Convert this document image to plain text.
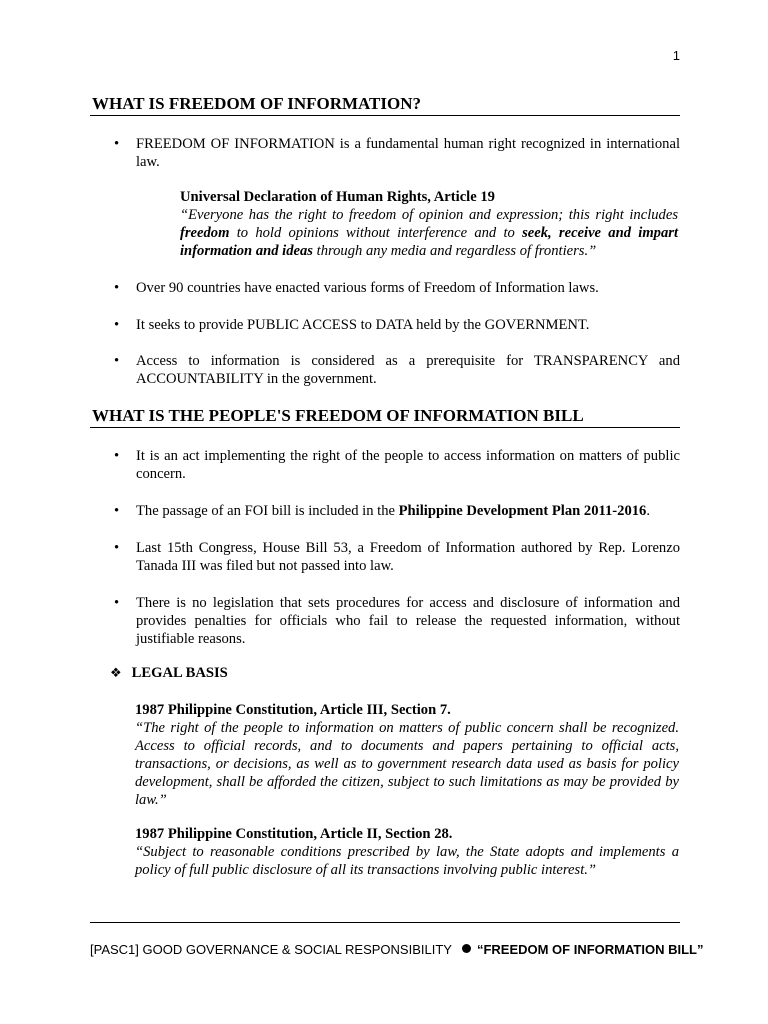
1
WHAT IS FREEDOM OF INFORMATION?
•	FREEDOM OF INFORMATION is a fundamental human right recognized in international law.
Universal Declaration of Human Rights, Article 19
“Everyone has the right to freedom of opinion and expression; this right includes freedom to hold opinions without interference and to seek, receive and impart information and ideas through any media and regardless of frontiers.”
•	Over 90 countries have enacted various forms of Freedom of Information laws.
•	It seeks to provide PUBLIC ACCESS to DATA held by the GOVERNMENT.
•	Access to information is considered as a prerequisite for TRANSPARENCY and ACCOUNTABILITY in the government.
WHAT IS THE PEOPLE'S FREEDOM OF INFORMATION BILL
•	It is an act implementing the right of the people to access information on matters of public concern.
•	The passage of an FOI bill is included in the Philippine Development Plan 2011-2016.
•	Last 15th Congress, House Bill 53, a Freedom of Information authored by Rep. Lorenzo Tanada III was filed but not passed into law.
•	There is no legislation that sets procedures for access and disclosure of information and provides penalties for officials who fail to release the requested information, without justifiable reasons.
❖ LEGAL BASIS
1987 Philippine Constitution, Article III, Section 7.
“The right of the people to information on matters of public concern shall be recognized. Access to official records, and to documents and papers pertaining to official acts, transactions, or decisions, as well as to government research data used as basis for policy development, shall be afforded the citizen, subject to such limitations as may be provided by law.”
1987 Philippine Constitution, Article II, Section 28.
“Subject to reasonable conditions prescribed by law, the State adopts and implements a policy of full public disclosure of all its transactions involving public interest.”
[PASC1] GOOD GOVERNANCE & SOCIAL RESPONSIBILITY “FREEDOM OF INFORMATION BILL”
